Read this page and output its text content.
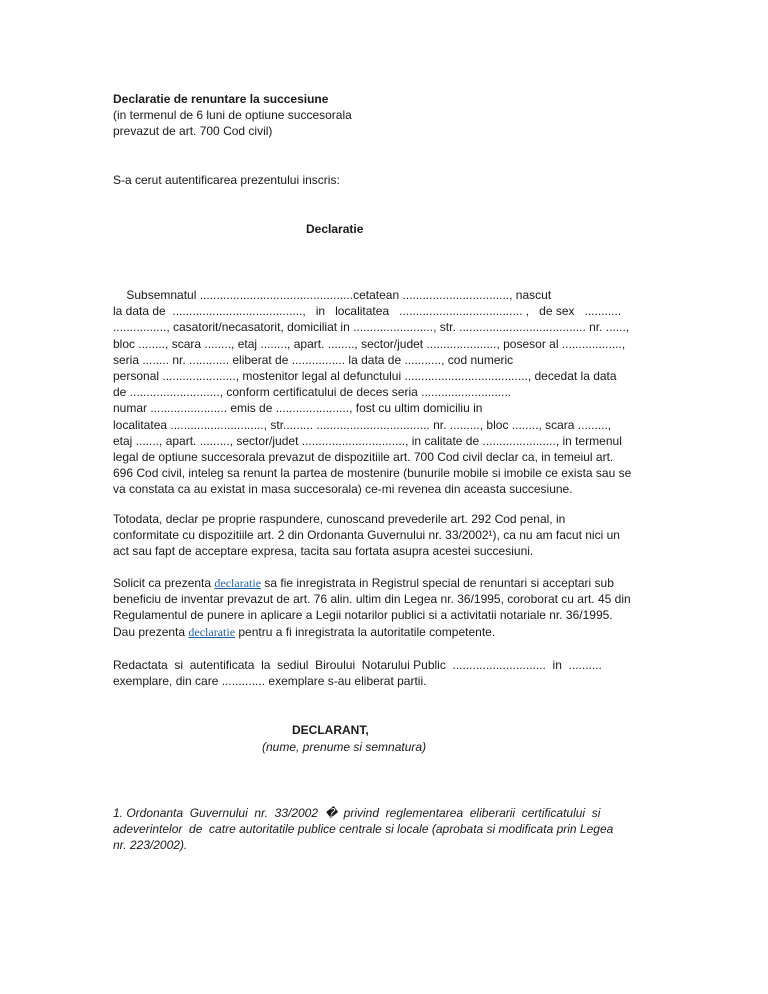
Declaratie de renuntare la succesiune
(in termenul de 6 luni de optiune succesorala
prevazut de art. 700 Cod civil)
S-a cerut autentificarea prezentului inscris:
Declaratie
Subsemnatul ..............................................cetatean ................................, nascut
la data de  .......................................,   in   localitatea   ..................................... ,   de sex   ...........
................, casatorit/necasatorit, domiciliat in ........................, str. ...................................... nr. ......,
bloc ........, scara ........, etaj ........, apart. ........, sector/judet ....................., posesor al ..................,
seria ........ nr. ............ eliberat de ................ la data de ..........., cod numeric
personal ......................, mostenitor legal al defunctului ....................................., decedat la data
de ..........................., conform certificatului de deces seria ...........................
numar ....................... emis de ......................, fost cu ultim domiciliu in
localitatea ............................, str......... .................................. nr. ........., bloc ........, scara .........,
etaj ......., apart. ........., sector/judet ..............................., in calitate de ......................, in termenul
legal de optiune succesorala prevazut de dispozitiile art. 700 Cod civil declar ca, in temeiul art.
696 Cod civil, inteleg sa renunt la partea de mostenire (bunurile mobile si imobile ce exista sau se
va constata ca au existat in masa succesorala) ce-mi revenea din aceasta succesiune.
Totodata, declar pe proprie raspundere, cunoscand prevederile art. 292 Cod penal, in
conformitate cu dispozitiile art. 2 din Ordonanta Guvernului nr. 33/2002¹), ca nu am facut nici un
act sau fapt de acceptare expresa, tacita sau fortata asupra acestei succesiuni.
Solicit ca prezenta declaratie sa fie inregistrata in Registrul special de renuntari si acceptari sub
beneficiu de inventar prevazut de art. 76 alin. ultim din Legea nr. 36/1995, coroborat cu art. 45 din
Regulamentul de punere in aplicare a Legii notarilor publici si a activitatii notariale nr. 36/1995.
Dau prezenta declaratie pentru a fi inregistrata la autoritatile competente.
Redactata  si  autentificata  la  sediul  Biroului  Notarului Public  ............................  in  ..........
exemplare, din care ............. exemplare s-au eliberat partii.
DECLARANT,
(nume, prenume si semnatura)
1. Ordonanta  Guvernului  nr.  33/2002  �  privind  reglementarea  eliberarii  certificatului  si
adeverintelor  de  catre autoritatile publice centrale si locale (aprobata si modificata prin Legea
nr. 223/2002).
